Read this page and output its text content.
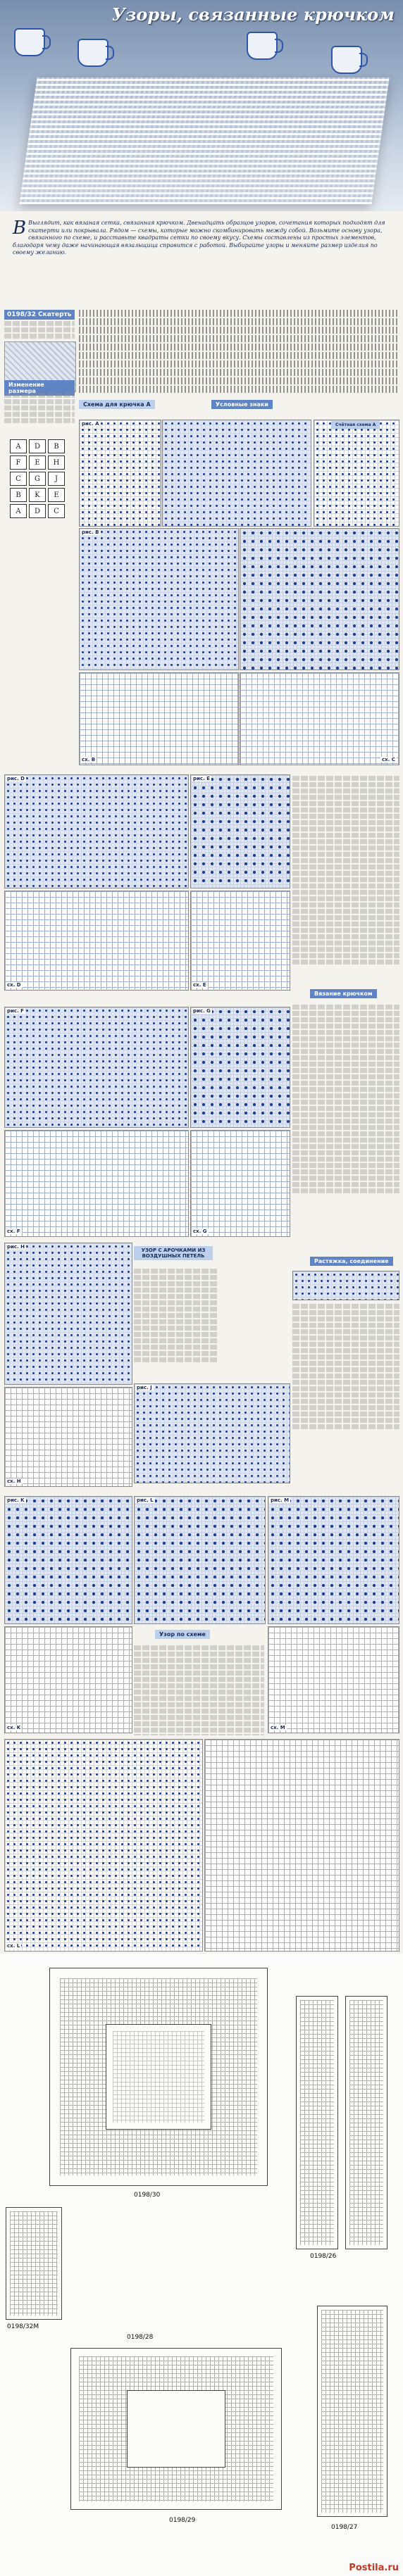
Узоры, связанные крючком
В Выглядит, как вязаная сетка, связанная крючком. Двенадцать образцов узоров, сочетания которых подходят для скатерти или покрывала. Рядом — схемы, которые можно скомбинировать между собой. Возьмите основу узора, связанного по схеме, и расставьте квадраты сетки по своему вкусу. Схемы составлены из простых элементов, благодаря чему даже начинающая вязальщица справится с работой. Выбирайте узоры и меняйте размер изделия по своему желанию.
0198/32 Скатерть
Изменение размера
A	D	B
F	E	H
C	G	J
B	K	E
A	D	C
Схема для крючка A	Условные знаки
рис. A	Счётная схема A
рис. B
сх. B	сх. C
рис. D	рис. E
сх. D	сх. E
Вязание крючком
рис. F	рис. G
сх. F	сх. G
рис. H
УЗОР С АРОЧКАМИ ИЗ ВОЗДУШНЫХ ПЕТЕЛЬ
Растяжка, соединение
сх. H
рис. J
рис. K	рис. L	рис. M
Узор по схеме
сх. K	сх. M
сх. L
0198/30
0198/32M
0198/26
0198/28
0198/29
0198/27
Postila.ru
